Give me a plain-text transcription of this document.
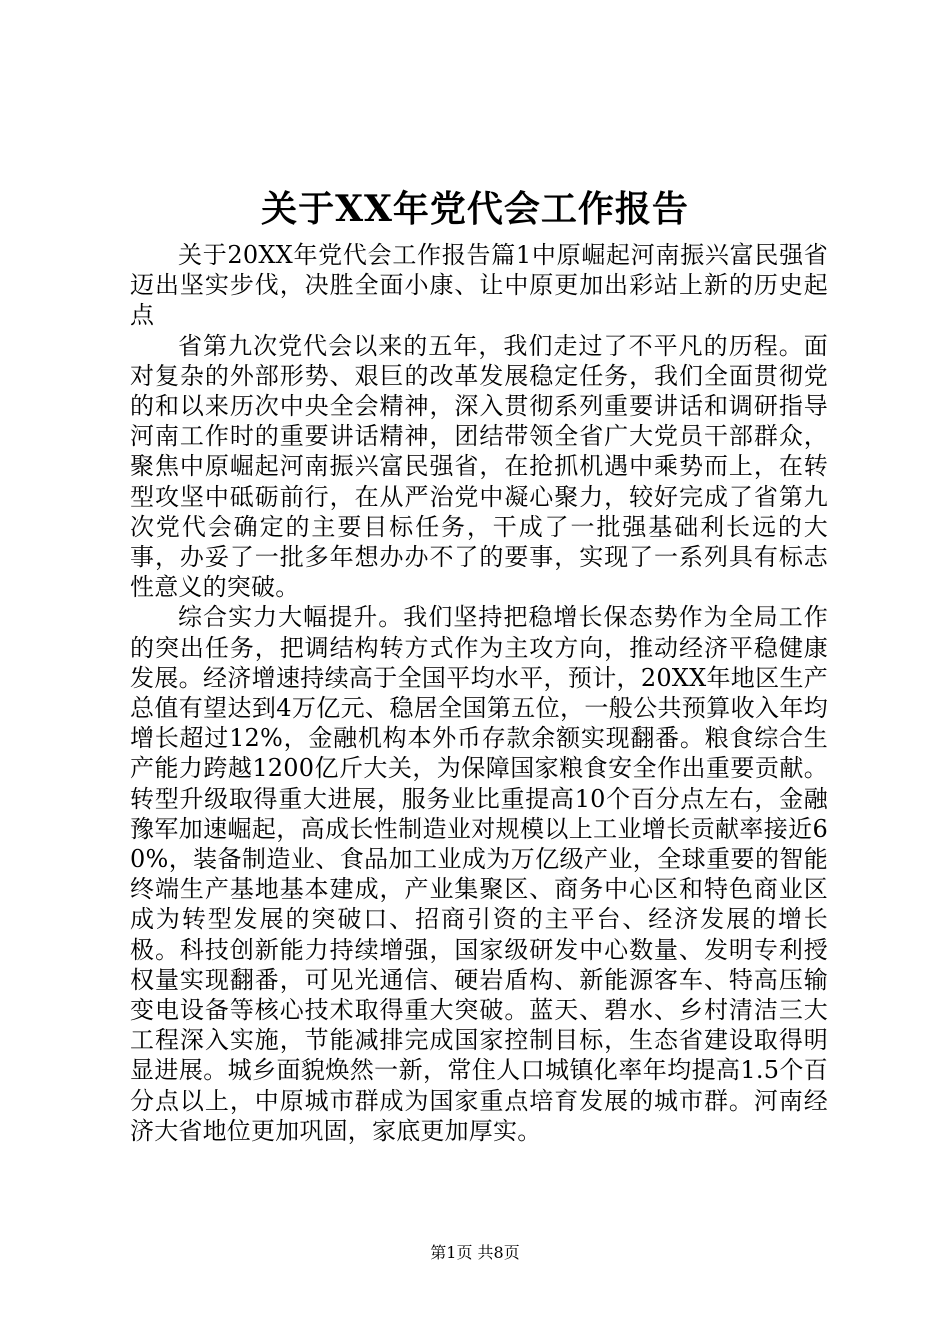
关于XX年党代会工作报告

关于20XX年党代会工作报告篇1中原崛起河南振兴富民强省迈出坚实步伐，决胜全面小康、让中原更加出彩站上新的历史起点

省第九次党代会以来的五年，我们走过了不平凡的历程。面对复杂的外部形势、艰巨的改革发展稳定任务，我们全面贯彻党的和以来历次中央全会精神，深入贯彻系列重要讲话和调研指导河南工作时的重要讲话精神，团结带领全省广大党员干部群众，聚焦中原崛起河南振兴富民强省，在抢抓机遇中乘势而上，在转型攻坚中砥砺前行，在从严治党中凝心聚力，较好完成了省第九次党代会确定的主要目标任务，干成了一批强基础利长远的大事，办妥了一批多年想办办不了的要事，实现了一系列具有标志性意义的突破。

综合实力大幅提升。我们坚持把稳增长保态势作为全局工作的突出任务，把调结构转方式作为主攻方向，推动经济平稳健康发展。经济增速持续高于全国平均水平，预计，20XX年地区生产总值有望达到4万亿元、稳居全国第五位，一般公共预算收入年均增长超过12%，金融机构本外币存款余额实现翻番。粮食综合生产能力跨越1200亿斤大关，为保障国家粮食安全作出重要贡献。转型升级取得重大进展，服务业比重提高10个百分点左右，金融豫军加速崛起，高成长性制造业对规模以上工业增长贡献率接近60%，装备制造业、食品加工业成为万亿级产业，全球重要的智能终端生产基地基本建成，产业集聚区、商务中心区和特色商业区成为转型发展的突破口、招商引资的主平台、经济发展的增长极。科技创新能力持续增强，国家级研发中心数量、发明专利授权量实现翻番，可见光通信、硬岩盾构、新能源客车、特高压输变电设备等核心技术取得重大突破。蓝天、碧水、乡村清洁三大工程深入实施，节能减排完成国家控制目标，生态省建设取得明显进展。城乡面貌焕然一新，常住人口城镇化率年均提高1.5个百分点以上，中原城市群成为国家重点培育发展的城市群。河南经济大省地位更加巩固，家底更加厚实。

第1页 共8页
